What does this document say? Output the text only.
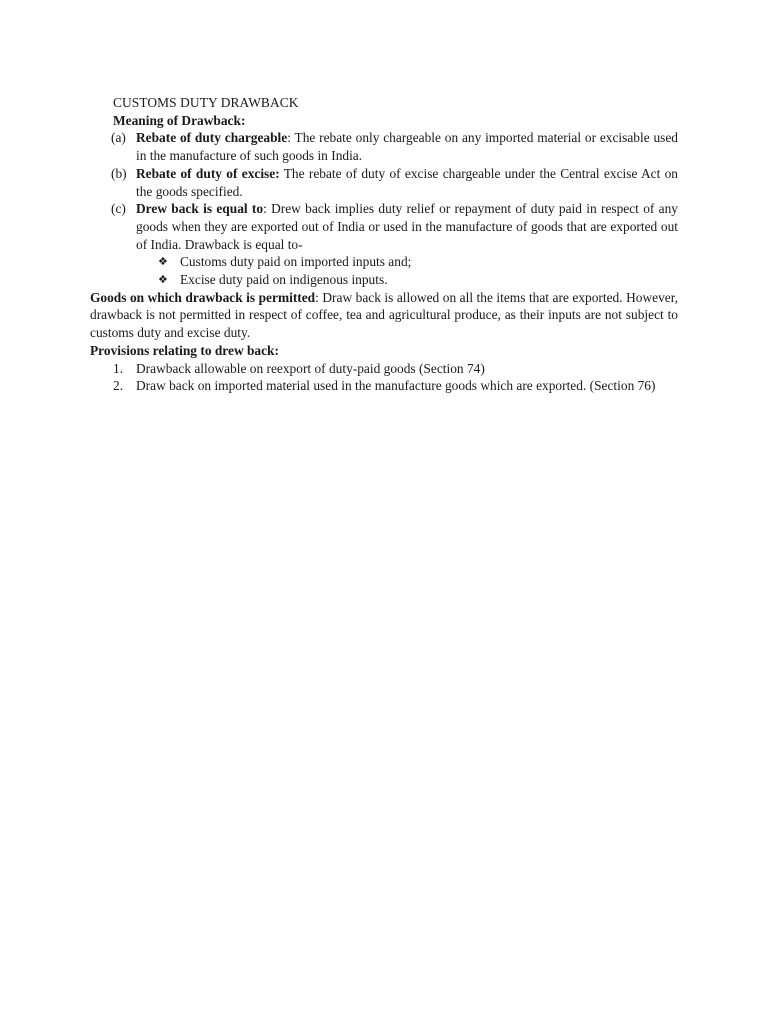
CUSTOMS DUTY DRAWBACK
Meaning of Drawback:
(a) Rebate of duty chargeable: The rebate only chargeable on any imported material or excisable used in the manufacture of such goods in India.
(b) Rebate of duty of excise: The rebate of duty of excise chargeable under the Central excise Act on the goods specified.
(c) Drew back is equal to: Drew back implies duty relief or repayment of duty paid in respect of any goods when they are exported out of India or used in the manufacture of goods that are exported out of India. Drawback is equal to-
❖ Customs duty paid on imported inputs and;
❖ Excise duty paid on indigenous inputs.
Goods on which drawback is permitted: Draw back is allowed on all the items that are exported. However, drawback is not permitted in respect of coffee, tea and agricultural produce, as their inputs are not subject to customs duty and excise duty.
Provisions relating to drew back:
1. Drawback allowable on reexport of duty-paid goods (Section 74)
2. Draw back on imported material used in the manufacture goods which are exported. (Section 76)
